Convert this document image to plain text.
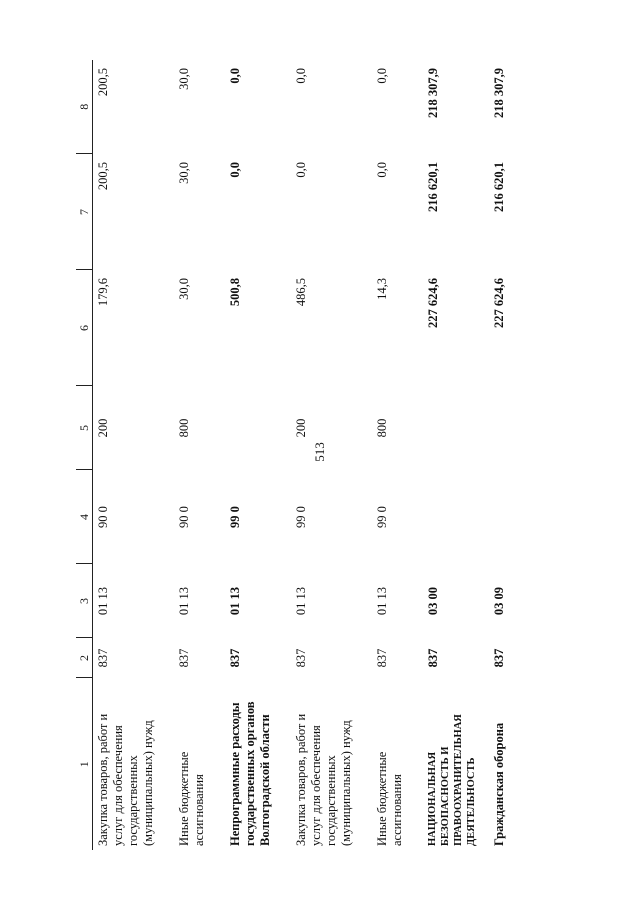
513
1	2	3	4	5	6	7	8
Закупка товаров, работ и услуг для обеспечения государственных (муниципальных) нужд	837	01 13	90 0	200	179,6	200,5	200,5
Иные бюджетные ассигнования	837	01 13	90 0	800	30,0	30,0	30,0
Непрограммные расходы государственных органов Волгоградской области	837	01 13	99 0		500,8	0,0	0,0
Закупка товаров, работ и услуг для обеспечения государственных (муниципальных) нужд	837	01 13	99 0	200	486,5	0,0	0,0
Иные бюджетные ассигнования	837	01 13	99 0	800	14,3	0,0	0,0
НАЦИОНАЛЬНАЯ БЕЗОПАСНОСТЬ И ПРАВООХРАНИТЕЛЬНАЯ ДЕЯТЕЛЬНОСТЬ	837	03 00			227 624,6	216 620,1	218 307,9
Гражданская оборона	837	03 09			227 624,6	216 620,1	218 307,9
